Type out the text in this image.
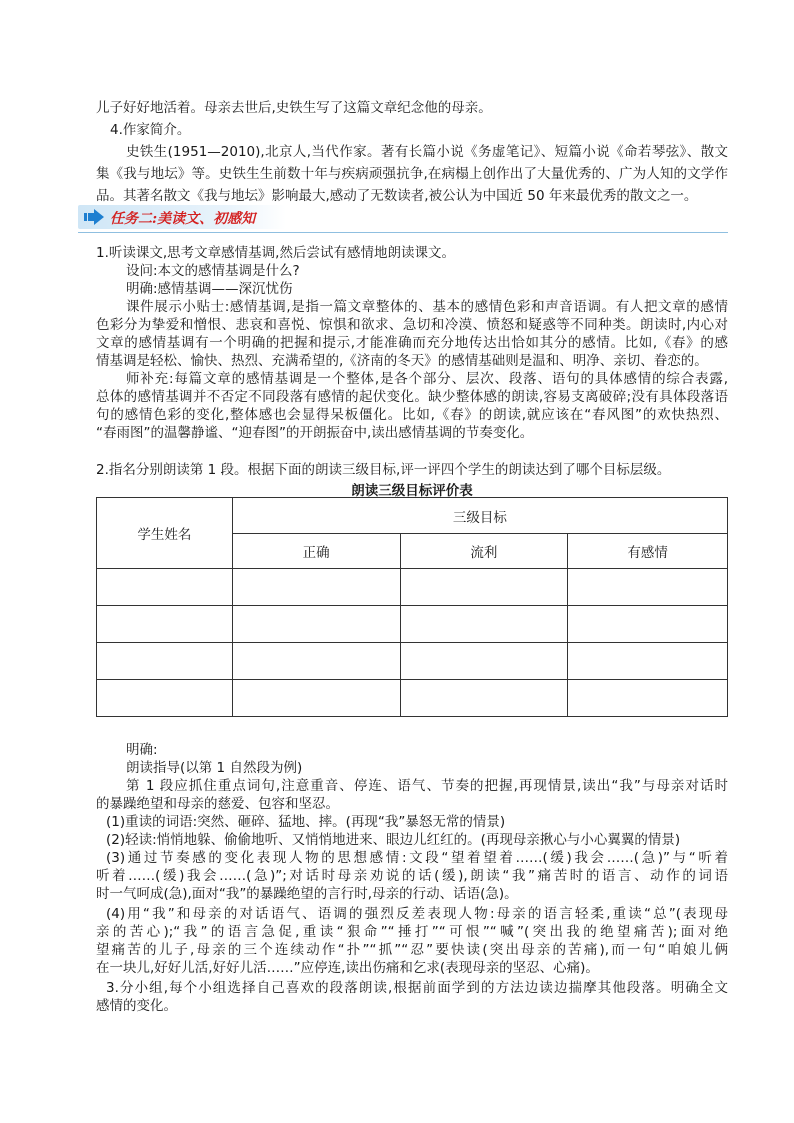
儿子好好地活着。母亲去世后,史铁生写了这篇文章纪念他的母亲。
4.作家简介。
史铁生(1951—2010),北京人,当代作家。著有长篇小说《务虚笔记》、短篇小说《命若琴弦》、散文
集《我与地坛》等。史铁生生前数十年与疾病顽强抗争,在病榻上创作出了大量优秀的、广为人知的文学作
品。其著名散文《我与地坛》影响最大,感动了无数读者,被公认为中国近 50 年来最优秀的散文之一。
任务二:美读文、初感知
1.听读课文,思考文章感情基调,然后尝试有感情地朗读课文。
设问:本文的感情基调是什么?
明确:感情基调——深沉忧伤
课件展示小贴士:感情基调,是指一篇文章整体的、基本的感情色彩和声音语调。有人把文章的感情
色彩分为挚爱和憎恨、悲哀和喜悦、惊惧和欲求、急切和冷漠、愤怒和疑惑等不同种类。朗读时,内心对
文章的感情基调有一个明确的把握和提示,才能准确而充分地传达出恰如其分的感情。比如,《春》的感
情基调是轻松、愉快、热烈、充满希望的,《济南的冬天》的感情基础则是温和、明净、亲切、眷恋的。
师补充:每篇文章的感情基调是一个整体,是各个部分、层次、段落、语句的具体感情的综合表露,
总体的感情基调并不否定不同段落有感情的起伏变化。缺少整体感的朗读,容易支离破碎;没有具体段落语
句的感情色彩的变化,整体感也会显得呆板僵化。比如,《春》的朗读,就应该在“春风图”的欢快热烈、
“春雨图”的温馨静谧、“迎春图”的开朗振奋中,读出感情基调的节奏变化。
2.指名分别朗读第 1 段。根据下面的朗读三级目标,评一评四个学生的朗读达到了哪个目标层级。
朗读三级目标评价表
学生姓名	三级目标		
	正确	流利	有感情

明确:
朗读指导(以第 1 自然段为例)
第 1 段应抓住重点词句,注意重音、停连、语气、节奏的把握,再现情景,读出“我”与母亲对话时
的暴躁绝望和母亲的慈爱、包容和坚忍。
(1)重读的词语:突然、砸碎、猛地、摔。(再现“我”暴怒无常的情景)
(2)轻读:悄悄地躲、偷偷地听、又悄悄地进来、眼边儿红红的。(再现母亲揪心与小心翼翼的情景)
(3)通过节奏感的变化表现人物的思想感情:文段“望着望着……(缓)我会……(急)”与“听着
听着……(缓)我会……(急)”;对话时母亲劝说的话(缓),朗读“我”痛苦时的语言、动作的词语
时一气呵成(急),面对“我”的暴躁绝望的言行时,母亲的行动、话语(急)。
(4)用“我”和母亲的对话语气、语调的强烈反差表现人物:母亲的语言轻柔,重读“总”(表现母
亲的苦心);“我”的语言急促,重读“狠命”“捶打”“可恨”“喊”(突出我的绝望痛苦);面对绝
望痛苦的儿子,母亲的三个连续动作“扑”“抓”“忍”要快读(突出母亲的苦痛),而一句“咱娘儿俩
在一块儿,好好儿活,好好儿活……”应停连,读出伤痛和乞求(表现母亲的坚忍、心痛)。
3.分小组,每个小组选择自己喜欢的段落朗读,根据前面学到的方法边读边揣摩其他段落。明确全文
感情的变化。
